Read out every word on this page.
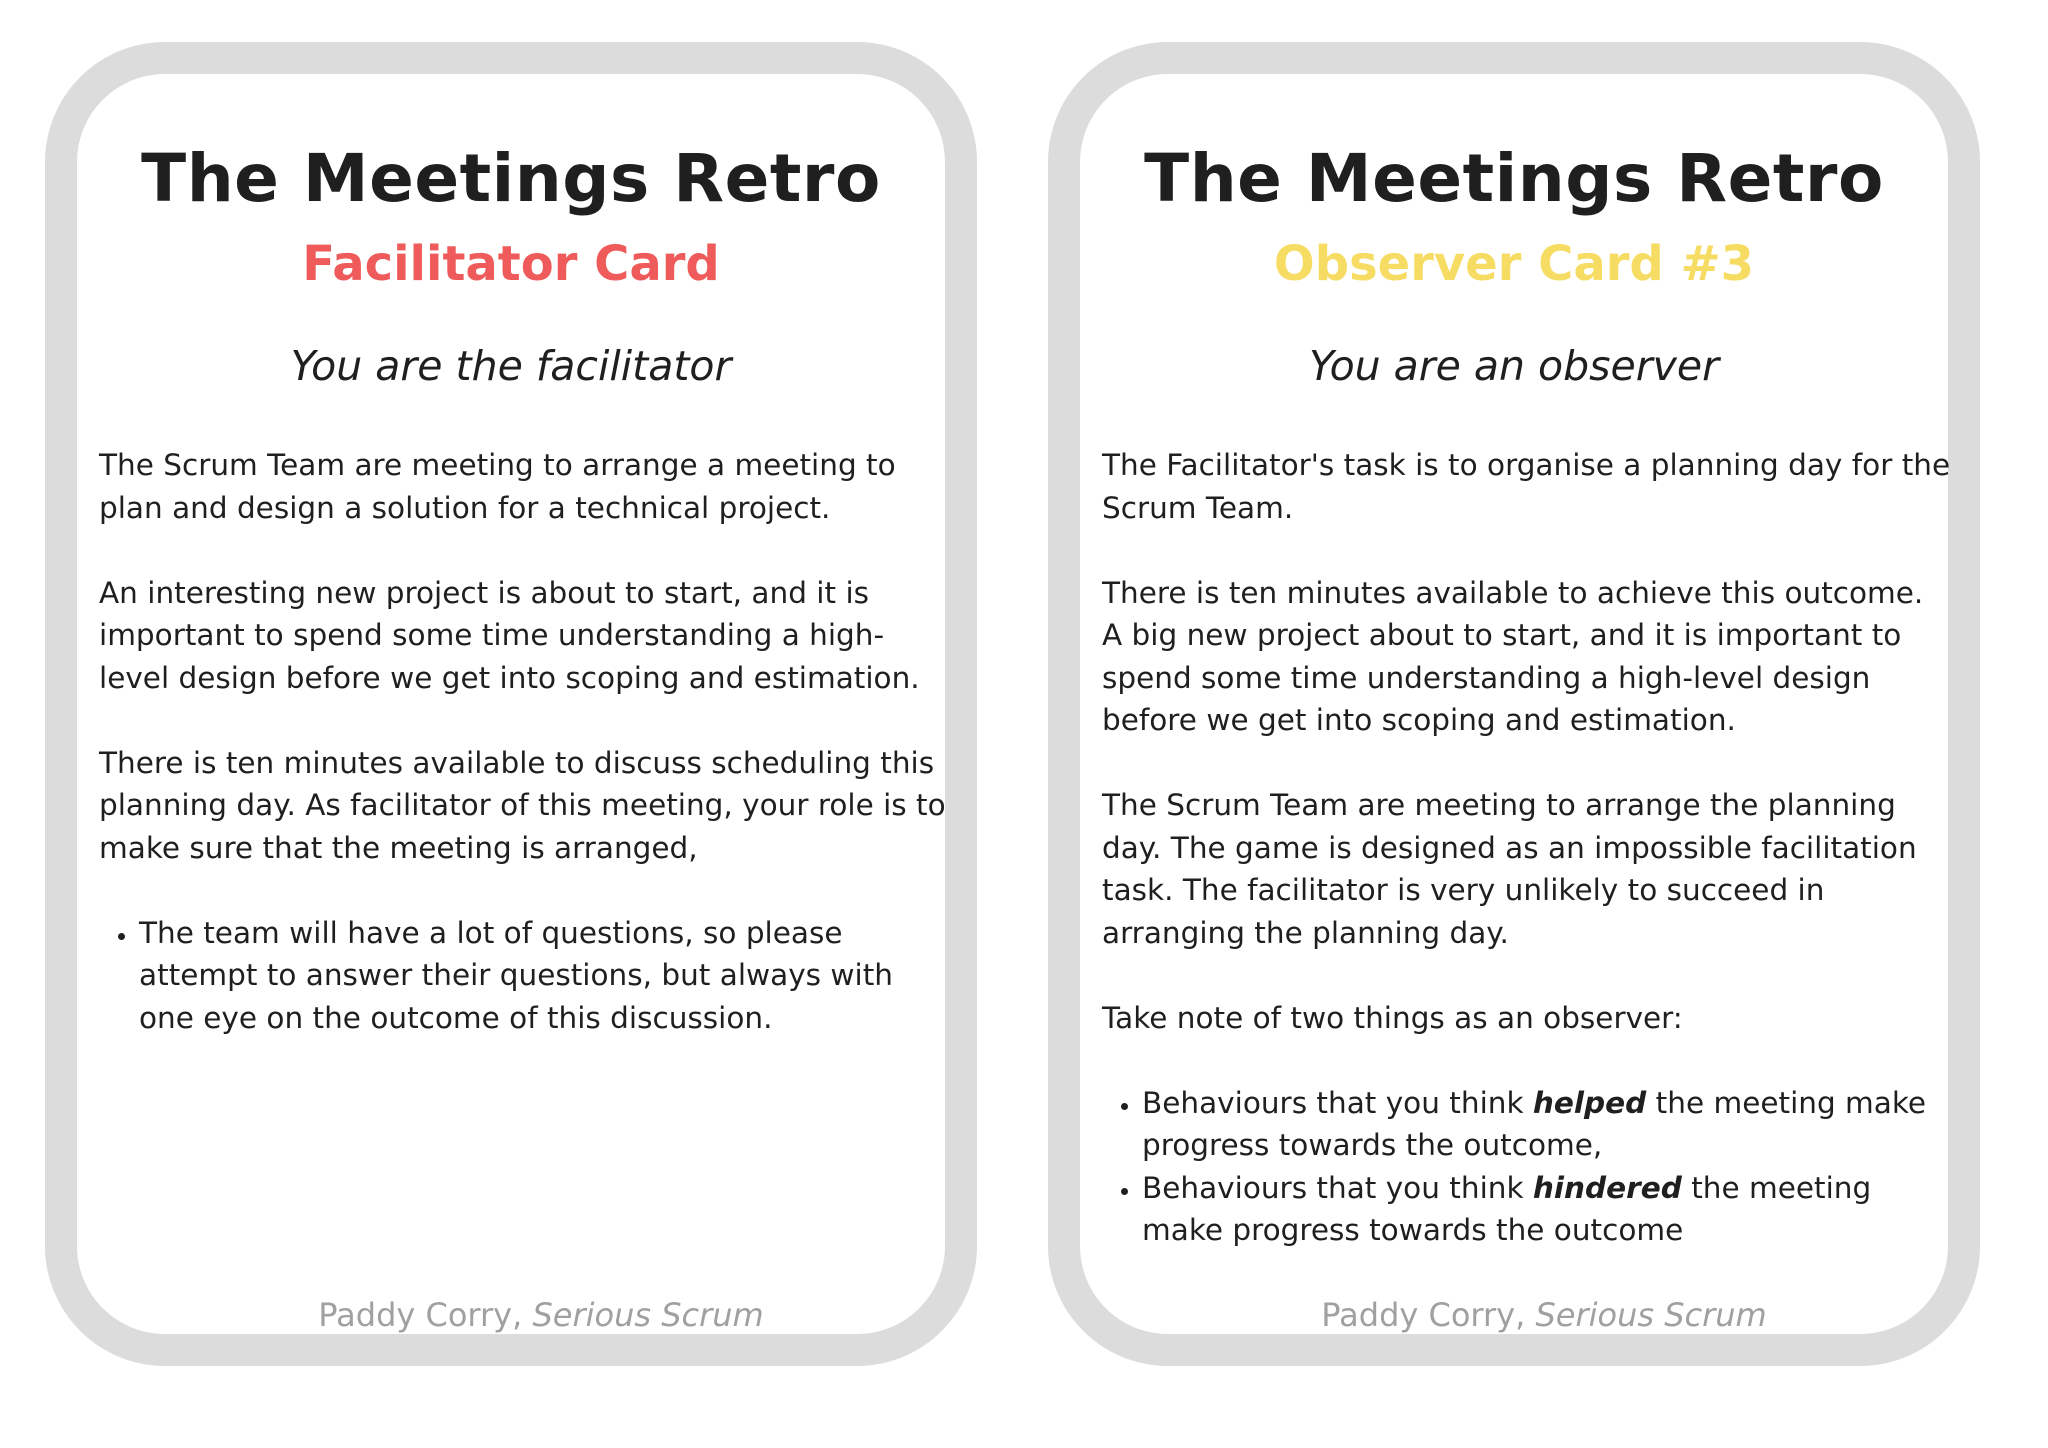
The Meetings Retro
Facilitator Card
You are the facilitator

The Scrum Team are meeting to arrange a meeting to plan and design a solution for a technical project.

An interesting new project is about to start, and it is important to spend some time understanding a high-level design before we get into scoping and estimation.

There is ten minutes available to discuss scheduling this planning day. As facilitator of this meeting, your role is to make sure that the meeting is arranged,

• The team will have a lot of questions, so please attempt to answer their questions, but always with one eye on the outcome of this discussion.
Paddy Corry, Serious Scrum
The Meetings Retro
Observer Card #3
You are an observer

The Facilitator's task is to organise a planning day for the Scrum Team.

There is ten minutes available to achieve this outcome. A big new project about to start, and it is important to spend some time understanding a high-level design before we get into scoping and estimation.

The Scrum Team are meeting to arrange the planning day. The game is designed as an impossible facilitation task. The facilitator is very unlikely to succeed in arranging the planning day.

Take note of two things as an observer:

• Behaviours that you think helped the meeting make progress towards the outcome,
• Behaviours that you think hindered the meeting make progress towards the outcome
Paddy Corry, Serious Scrum
